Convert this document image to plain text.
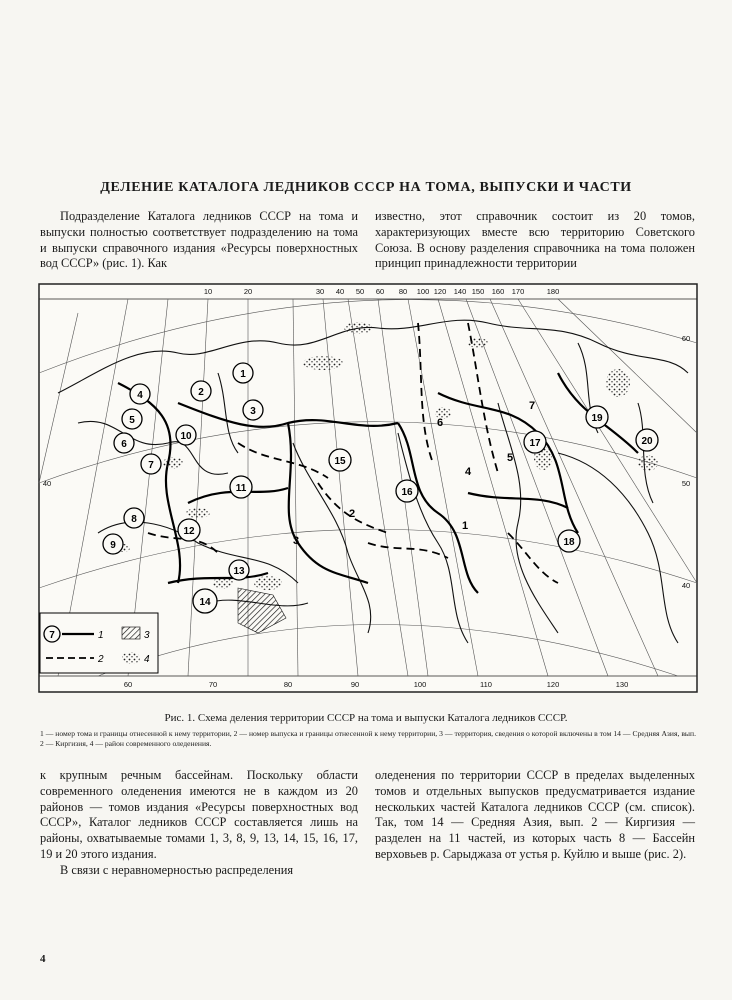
ДЕЛЕНИЕ КАТАЛОГА ЛЕДНИКОВ СССР НА ТОМА, ВЫПУСКИ И ЧАСТИ

Подразделение Каталога ледников СССР на тома и выпуски полностью соответствует подразделению на тома и выпуски справочного издания «Ресурсы поверхностных вод СССР» (рис. 1). Как

известно, этот справочник состоит из 20 томов, характеризующих вместе всю территорию Советского Союза. В основу разделения справочника на тома положен принцип принадлежности территории

10	20	30 40 50 60 80 100 120 140 150 160 170	180
60	70	80	90	100	110	120	130
40
60
50
40
1
2
3
4
5
6
7
8
9
10
11
12
13
14
15
16
17
18
19
20
1
2
3
4
5
6
7
7	1	3
2	4
Рис. 1. Схема деления территории СССР на тома и выпуски Каталога ледников СССР.
1 — номер тома и границы отнесенной к нему территории, 2 — номер выпуска и границы отнесенной к нему территории, 3 — территория, сведения о которой включены в том 14 — Средняя Азия, вып. 2 — Киргизия, 4 — район современного оледенения.

к крупным речным бассейнам. Поскольку области современного оледенения имеются не в каждом из 20 районов — томов издания «Ресурсы поверхностных вод СССР», Каталог ледников СССР составляется лишь на районы, охватываемые томами 1, 3, 8, 9, 13, 14, 15, 16, 17, 19 и 20 этого издания.

В связи с неравномерностью распределения

оледенения по территории СССР в пределах выделенных томов и отдельных выпусков предусматривается издание нескольких частей Каталога ледников СССР (см. список). Так, том 14 — Средняя Азия, вып. 2 — Киргизия — разделен на 11 частей, из которых часть 8 — Бассейн верховьев р. Сарыджаза от устья р. Куйлю и выше (рис. 2).

4
